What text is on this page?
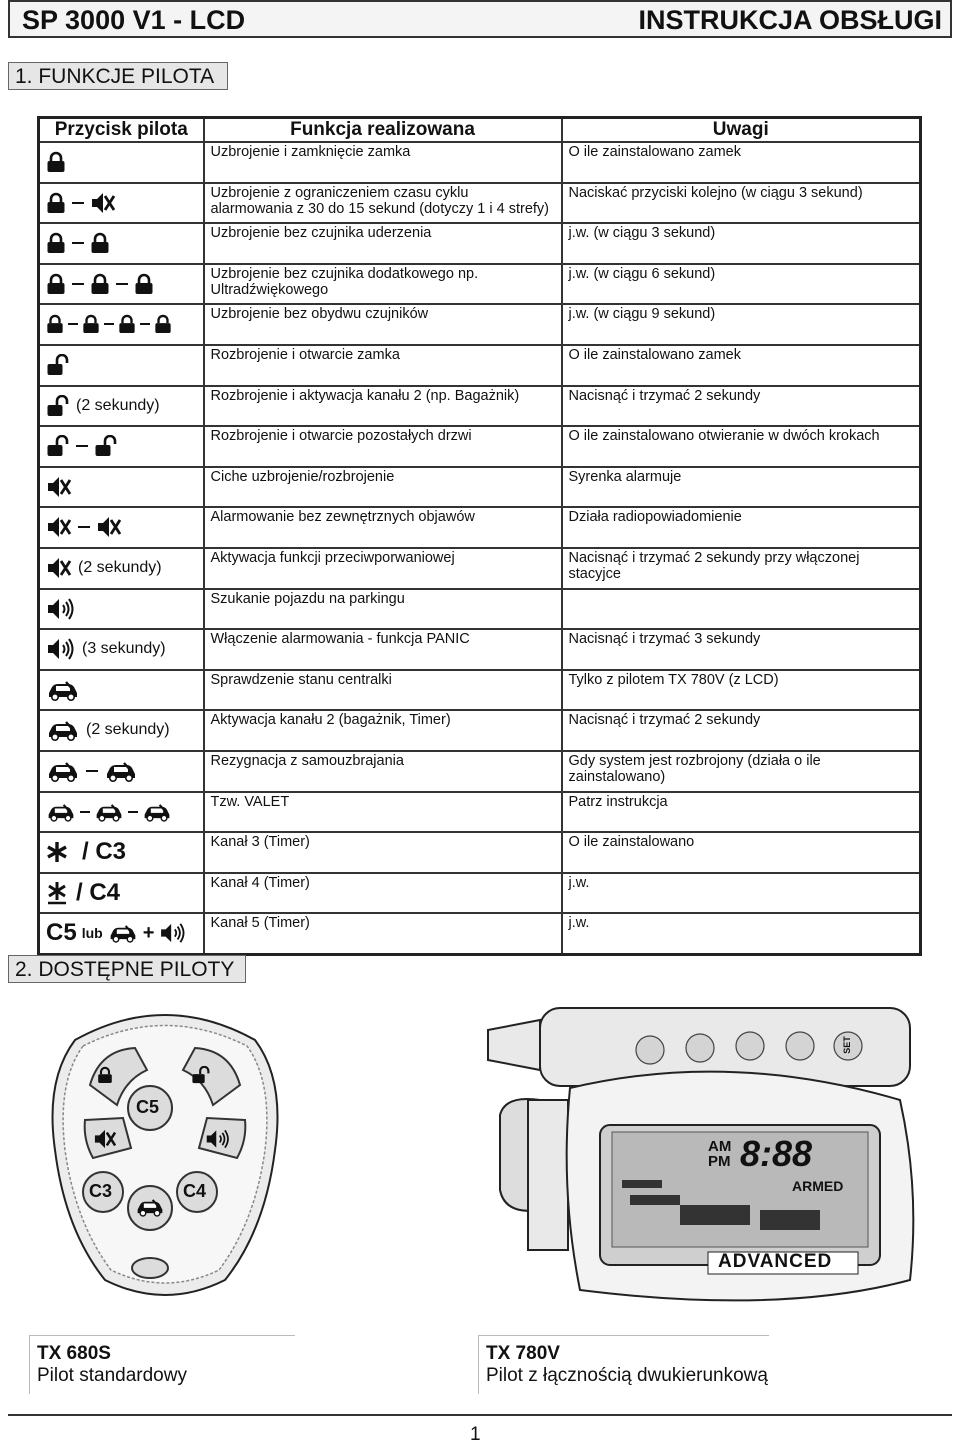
SP 3000 V1 - LCD	INSTRUKCJA OBSŁUGI
1. FUNKCJE PILOTA
Przycisk pilota	Funkcja realizowana	Uwagi

	Uzbrojenie i zamknięcie zamka	O ile zainstalowano zamek

	Uzbrojenie z ograniczeniem czasu cyklu alarmowania z 30 do 15 sekund (dotyczy 1 i 4 strefy)	Naciskać przyciski kolejno (w ciągu 3 sekund)

	Uzbrojenie bez czujnika uderzenia	j.w. (w ciągu 3 sekund)

	Uzbrojenie bez czujnika dodatkowego np. Ultradźwiękowego	j.w. (w ciągu 6 sekund)

	Uzbrojenie bez obydwu czujników	j.w. (w ciągu 9 sekund)

	Rozbrojenie i otwarcie zamka	O ile zainstalowano zamek

(2 sekundy)	Rozbrojenie i aktywacja kanału 2 (np. Bagażnik)	Nacisnąć i trzymać 2 sekundy

	Rozbrojenie i otwarcie pozostałych drzwi	O ile zainstalowano otwieranie w dwóch krokach

	Ciche uzbrojenie/rozbrojenie	Syrenka alarmuje

	Alarmowanie bez zewnętrznych objawów	Działa radiopowiadomienie

(2 sekundy)	Aktywacja funkcji przeciwporwaniowej	Nacisnąć i trzymać 2 sekundy przy włączonej stacyjce

	Szukanie pojazdu na parkingu	

(3 sekundy)	Włączenie alarmowania - funkcja PANIC	Nacisnąć i trzymać 3 sekundy

	Sprawdzenie stanu centralki	Tylko z pilotem TX 780V (z LCD)

(2 sekundy)	Aktywacja kanału 2 (bagażnik, Timer)	Nacisnąć i trzymać 2 sekundy

	Rezygnacja z samouzbrajania	Gdy system jest rozbrojony (działa o ile zainstalowano)

	Tzw. VALET	Patrz instrukcja

/ C3	Kanał 3 (Timer)	O ile zainstalowano

/ C4	Kanał 4 (Timer)	j.w.

C5 lub +	Kanał 5 (Timer)	j.w.
2. DOSTĘPNE PILOTY
C5
C3	C4
AM
PM 8:88
ARMED
ADVANCED
SET
TX 680S
Pilot standardowy
TX 780V
Pilot z łącznością dwukierunkową
1
